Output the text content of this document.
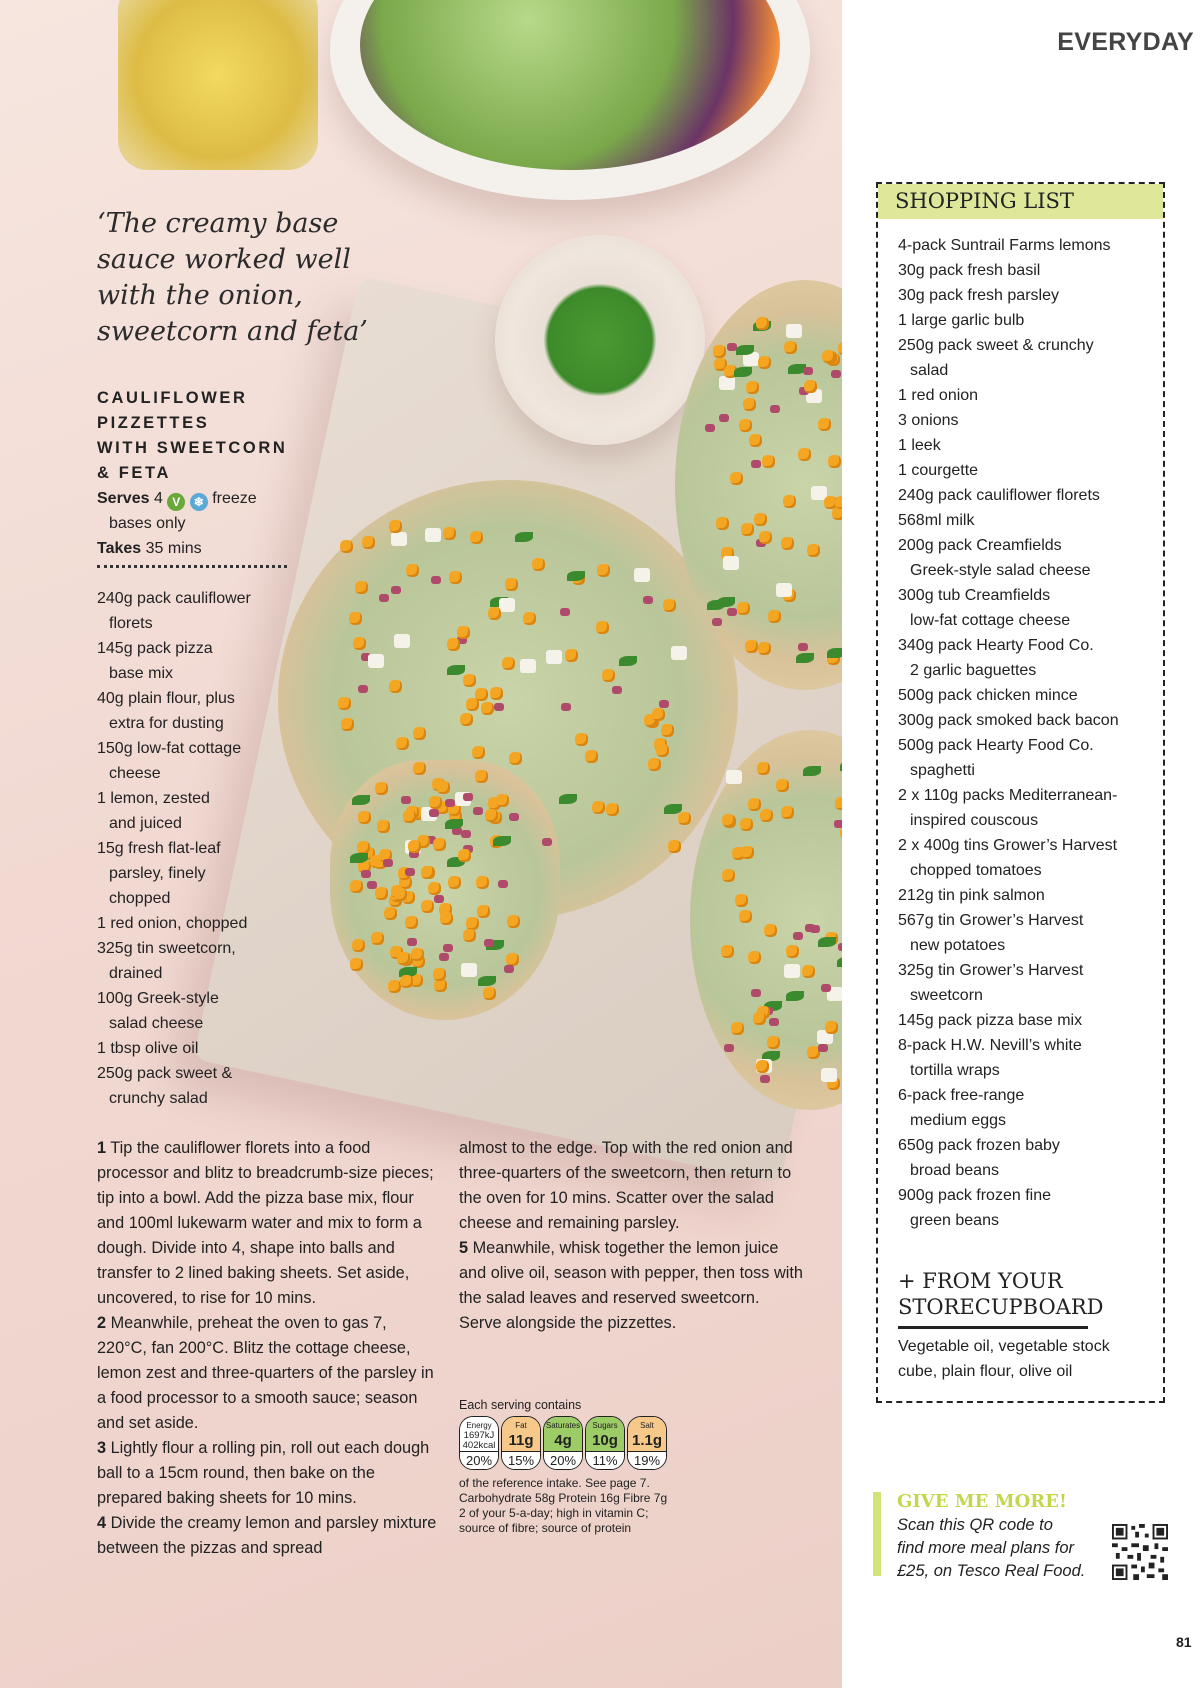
EVERYDAY
‘The creamy base
sauce worked well
with the onion,
sweetcorn and feta’
CAULIFLOWER
PIZZETTES
WITH SWEETCORN
& FETA
Serves 4 V ❄ freeze
bases only
Takes 35 mins
240g pack cauliflower
florets
145g pack pizza
base mix
40g plain flour, plus
extra for dusting
150g low-fat cottage
cheese
1 lemon, zested
and juiced
15g fresh flat-leaf
parsley, finely
chopped
1 red onion, chopped
325g tin sweetcorn,
drained
100g Greek-style
salad cheese
1 tbsp olive oil
250g pack sweet &
crunchy salad
1 Tip the cauliflower florets into a food processor and blitz to breadcrumb-size pieces; tip into a bowl. Add the pizza base mix, flour and 100ml lukewarm water and mix to form a dough. Divide into 4, shape into balls and transfer to 2 lined baking sheets. Set aside, uncovered, to rise for 10 mins.
2 Meanwhile, preheat the oven to gas 7, 220°C, fan 200°C. Blitz the cottage cheese, lemon zest and three-quarters of the parsley in a food processor to a smooth sauce; season and set aside.
3 Lightly flour a rolling pin, roll out each dough ball to a 15cm round, then bake on the prepared baking sheets for 10 mins.
4 Divide the creamy lemon and parsley mixture between the pizzas and spread
almost to the edge. Top with the red onion and three-quarters of the sweetcorn, then return to the oven for 10 mins. Scatter over the salad cheese and remaining parsley.
5 Meanwhile, whisk together the lemon juice and olive oil, season with pepper, then toss with the salad leaves and reserved sweetcorn. Serve alongside the pizzettes.
Each serving contains
Energy
1697kJ
402kcal
20%
Fat
11g
15%
Saturates
4g
20%
Sugars
10g
11%
Salt
1.1g
19%
of the reference intake. See page 7.
Carbohydrate 58g Protein 16g Fibre 7g
2 of your 5-a-day; high in vitamin C;
source of fibre; source of protein
SHOPPING LIST
4-pack Suntrail Farms lemons
30g pack fresh basil
30g pack fresh parsley
1 large garlic bulb
250g pack sweet & crunchy
salad
1 red onion
3 onions
1 leek
1 courgette
240g pack cauliflower florets
568ml milk
200g pack Creamfields
Greek-style salad cheese
300g tub Creamfields
low-fat cottage cheese
340g pack Hearty Food Co.
2 garlic baguettes
500g pack chicken mince
300g pack smoked back bacon
500g pack Hearty Food Co.
spaghetti
2 x 110g packs Mediterranean-
inspired couscous
2 x 400g tins Grower’s Harvest
chopped tomatoes
212g tin pink salmon
567g tin Grower’s Harvest
new potatoes
325g tin Grower’s Harvest
sweetcorn
145g pack pizza base mix
8-pack H.W. Nevill’s white
tortilla wraps
6-pack free-range
medium eggs
650g pack frozen baby
broad beans
900g pack frozen fine
green beans
+ FROM YOUR
STORECUPBOARD
Vegetable oil, vegetable stock cube, plain flour, olive oil
GIVE ME MORE!
Scan this QR code to
find more meal plans for
£25, on Tesco Real Food.
81
